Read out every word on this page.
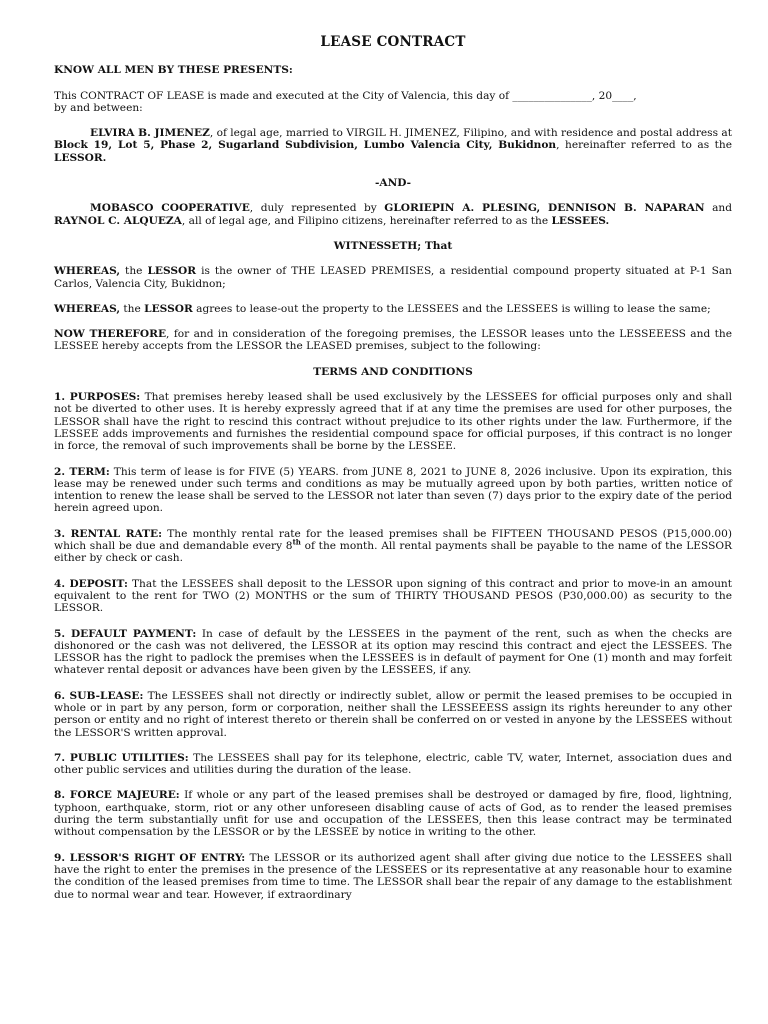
LEASE CONTRACT

KNOW ALL MEN BY THESE PRESENTS:

This CONTRACT OF LEASE is made and executed at the City of Valencia, this day of _______________, 20____,
by and between:

ELVIRA B. JIMENEZ, of legal age, married to VIRGIL H. JIMENEZ, Filipino, and with residence and postal address at Block 19, Lot 5, Phase 2, Sugarland Subdivision, Lumbo Valencia City, Bukidnon, hereinafter referred to as the LESSOR.

-AND-

MOBASCO COOPERATIVE, duly represented by GLORIEPIN A. PLESING, DENNISON B. NAPARAN and RAYNOL C. ALQUEZA, all of legal age, and Filipino citizens, hereinafter referred to as the LESSEES.

WITNESSETH; That

WHEREAS, the LESSOR is the owner of THE LEASED PREMISES, a residential compound property situated at P-1 San Carlos, Valencia City, Bukidnon;

WHEREAS, the LESSOR agrees to lease-out the property to the LESSEES and the LESSEES is willing to lease the same;

NOW THEREFORE, for and in consideration of the foregoing premises, the LESSOR leases unto the LESSEEESS and the LESSEE hereby accepts from the LESSOR the LEASED premises, subject to the following:

TERMS AND CONDITIONS

1. PURPOSES: That premises hereby leased shall be used exclusively by the LESSEES for official purposes only and shall not be diverted to other uses. It is hereby expressly agreed that if at any time the premises are used for other purposes, the LESSOR shall have the right to rescind this contract without prejudice to its other rights under the law. Furthermore, if the LESSEE adds improvements and furnishes the residential compound space for official purposes, if this contract is no longer in force, the removal of such improvements shall be borne by the LESSEE.
2. TERM: This term of lease is for FIVE (5) YEARS. from JUNE 8, 2021 to JUNE 8, 2026 inclusive. Upon its expiration, this lease may be renewed under such terms and conditions as may be mutually agreed upon by both parties, written notice of intention to renew the lease shall be served to the LESSOR not later than seven (7) days prior to the expiry date of the period herein agreed upon.
3. RENTAL RATE: The monthly rental rate for the leased premises shall be FIFTEEN THOUSAND PESOS (P15,000.00) which shall be due and demandable every 8th of the month. All rental payments shall be payable to the name of the LESSOR either by check or cash.
4. DEPOSIT: That the LESSEES shall deposit to the LESSOR upon signing of this contract and prior to move-in an amount equivalent to the rent for TWO (2) MONTHS or the sum of THIRTY THOUSAND PESOS (P30,000.00) as security to the LESSOR.
5. DEFAULT PAYMENT: In case of default by the LESSEES in the payment of the rent, such as when the checks are dishonored or the cash was not delivered, the LESSOR at its option may rescind this contract and eject the LESSEES. The LESSOR has the right to padlock the premises when the LESSEES is in default of payment for One (1) month and may forfeit whatever rental deposit or advances have been given by the LESSEES, if any.
6. SUB-LEASE: The LESSEES shall not directly or indirectly sublet, allow or permit the leased premises to be occupied in whole or in part by any person, form or corporation, neither shall the LESSEEESS assign its rights hereunder to any other person or entity and no right of interest thereto or therein shall be conferred on or vested in anyone by the LESSEES without the LESSOR'S written approval.
7. PUBLIC UTILITIES: The LESSEES shall pay for its telephone, electric, cable TV, water, Internet, association dues and other public services and utilities during the duration of the lease.
8. FORCE MAJEURE: If whole or any part of the leased premises shall be destroyed or damaged by fire, flood, lightning, typhoon, earthquake, storm, riot or any other unforeseen disabling cause of acts of God, as to render the leased premises during the term substantially unfit for use and occupation of the LESSEES, then this lease contract may be terminated without compensation by the LESSOR or by the LESSEE by notice in writing to the other.
9. LESSOR'S RIGHT OF ENTRY: The LESSOR or its authorized agent shall after giving due notice to the LESSEES shall have the right to enter the premises in the presence of the LESSEES or its representative at any reasonable hour to examine the condition of the leased premises from time to time. The LESSOR shall bear the repair of any damage to the establishment due to normal wear and tear. However, if extraordinary
